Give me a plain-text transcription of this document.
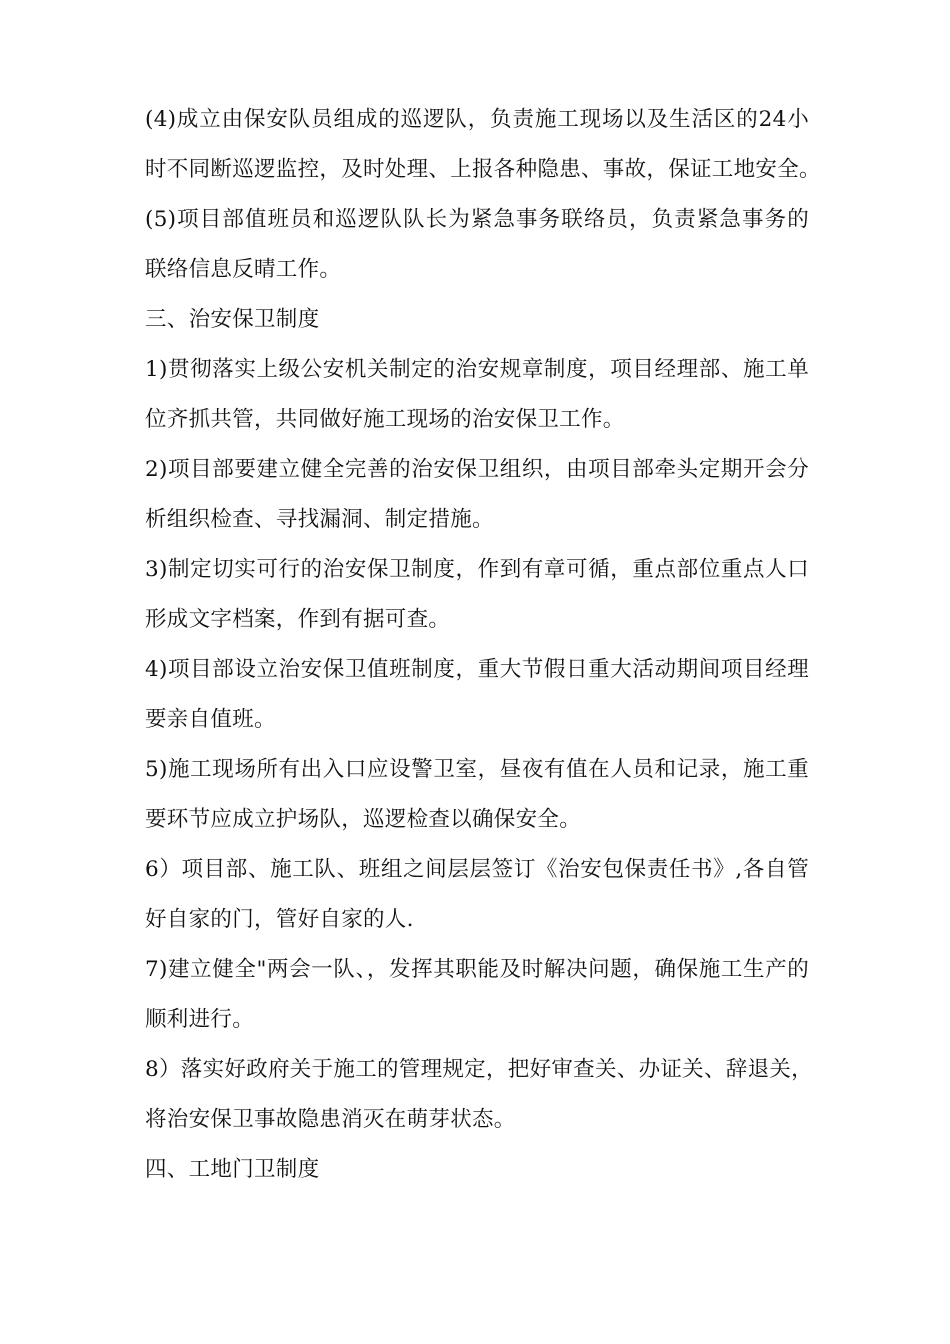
(4)成立由保安队员组成的巡逻队，负责施工现场以及生活区的24小
时不同断巡逻监控，及时处理、上报各种隐患、事故，保证工地安全。
(5)项目部值班员和巡逻队队长为紧急事务联络员，负责紧急事务的
联络信息反晴工作。
三、治安保卫制度
1)贯彻落实上级公安机关制定的治安规章制度，项目经理部、施工单
位齐抓共管，共同做好施工现场的治安保卫工作。
2)项目部要建立健全完善的治安保卫组织，由项目部牵头定期开会分
析组织检查、寻找漏洞、制定措施。
3)制定切实可行的治安保卫制度，作到有章可循，重点部位重点人口
形成文字档案，作到有据可查。
4)项目部设立治安保卫值班制度，重大节假日重大活动期间项目经理
要亲自值班。
5)施工现场所有出入口应设警卫室，昼夜有值在人员和记录，施工重
要环节应成立护场队，巡逻检查以确保安全。
6）项目部、施工队、班组之间层层签订《治安包保责任书》,各自管
好自家的门，管好自家的人.
7)建立健全"两会一队、，发挥其职能及时解决问题，确保施工生产的
顺利进行。
8）落实好政府关于施工的管理规定，把好审查关、办证关、辞退关，
将治安保卫事故隐患消灭在萌芽状态。
四、工地门卫制度
